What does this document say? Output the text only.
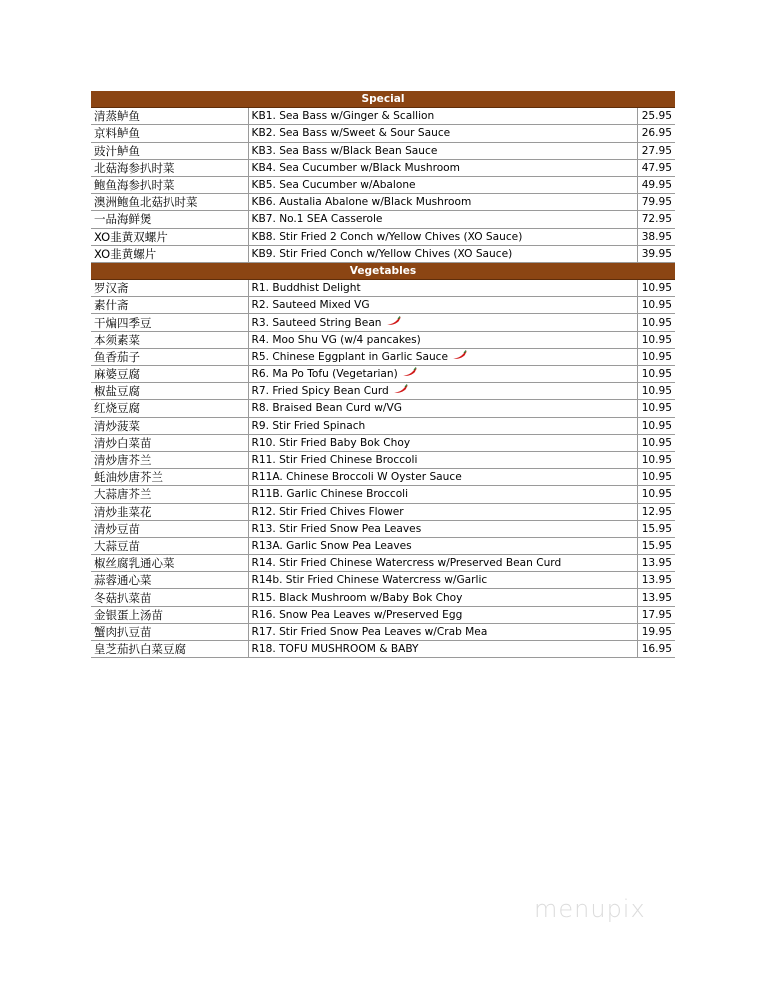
Special		
清蒸鲈鱼	KB1. Sea Bass w/Ginger & Scallion	25.95
京料鲈鱼	KB2. Sea Bass w/Sweet & Sour Sauce	26.95
豉汁鲈鱼	KB3. Sea Bass w/Black Bean Sauce	27.95
北菇海参扒时菜	KB4. Sea Cucumber w/Black Mushroom	47.95
鲍鱼海参扒时菜	KB5. Sea Cucumber w/Abalone	49.95
澳洲鲍鱼北菇扒时菜	KB6. Austalia Abalone w/Black Mushroom	79.95
一品海鲜煲	KB7. No.1 SEA Casserole	72.95
XO韭黄双螺片	KB8. Stir Fried 2 Conch w/Yellow Chives (XO Sauce)	38.95
XO韭黄螺片	KB9. Stir Fried Conch w/Yellow Chives (XO Sauce)	39.95
Vegetables		
罗汉斋	R1. Buddhist Delight	10.95
素什斋	R2. Sauteed Mixed VG	10.95
干煸四季豆	R3. Sauteed String Bean	10.95
本须素菜	R4. Moo Shu VG (w/4 pancakes)	10.95
鱼香茄子	R5. Chinese Eggplant in Garlic Sauce	10.95
麻婆豆腐	R6. Ma Po Tofu (Vegetarian)	10.95
椒盐豆腐	R7. Fried Spicy Bean Curd	10.95
红烧豆腐	R8. Braised Bean Curd w/VG	10.95
清炒菠菜	R9. Stir Fried Spinach	10.95
清炒白菜苗	R10. Stir Fried Baby Bok Choy	10.95
清炒唐芥兰	R11. Stir Fried Chinese Broccoli	10.95
蚝油炒唐芥兰	R11A. Chinese Broccoli W Oyster Sauce	10.95
大蒜唐芥兰	R11B. Garlic Chinese Broccoli	10.95
清炒韭菜花	R12. Stir Fried Chives Flower	12.95
清炒豆苗	R13. Stir Fried Snow Pea Leaves	15.95
大蒜豆苗	R13A. Garlic Snow Pea Leaves	15.95
椒丝腐乳通心菜	R14. Stir Fried Chinese Watercress w/Preserved Bean Curd	13.95
蒜蓉通心菜	R14b. Stir Fried Chinese Watercress w/Garlic	13.95
冬菇扒菜苗	R15. Black Mushroom w/Baby Bok Choy	13.95
金银蛋上汤苗	R16. Snow Pea Leaves w/Preserved Egg	17.95
蟹肉扒豆苗	R17. Stir Fried Snow Pea Leaves w/Crab Mea	19.95
皇芝茄扒白菜豆腐	R18. TOFU MUSHROOM & BABY	16.95
menupix
